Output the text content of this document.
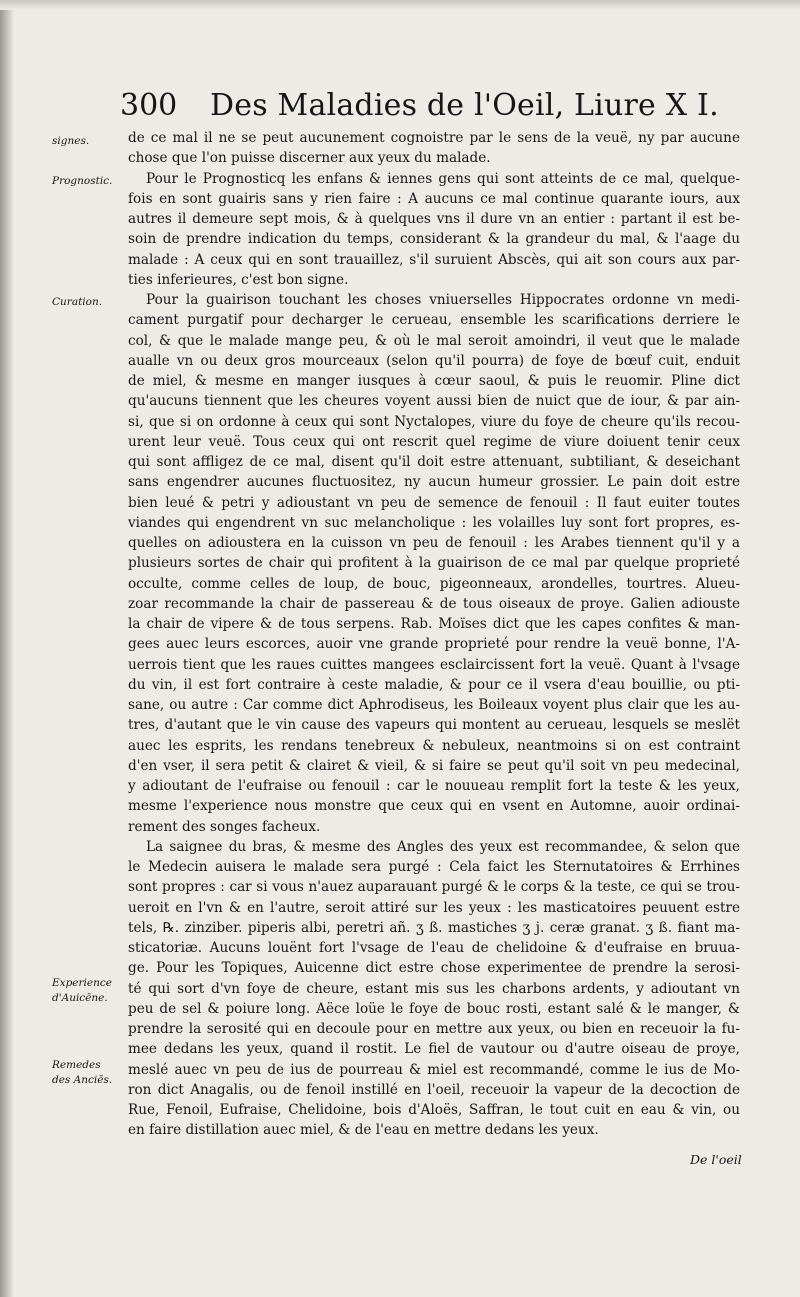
300 Des Maladies de l'Oeil, Liure X I.
signes.
Prognostic.
Curation.
Experience
d'Auicēne.
Remedes
des Anciēs.
de ce mal il ne se peut aucunement cognoistre par le sens de la veuë, ny par aucune
chose que l'on puisse discerner aux yeux du malade.
Pour le Prognosticq les enfans & iennes gens qui sont atteints de ce mal, quelque-
fois en sont guairis sans y rien faire : A aucuns ce mal continue quarante iours, aux
autres il demeure sept mois, & à quelques vns il dure vn an entier : partant il est be-
soin de prendre indication du temps, considerant & la grandeur du mal, & l'aage du
malade : A ceux qui en sont trauaillez, s'il suruient Abscès, qui ait son cours aux par-
ties inferieures, c'est bon signe.
Pour la guairison touchant les choses vniuerselles Hippocrates ordonne vn medi-
cament purgatif pour decharger le cerueau, ensemble les scarifications derriere le
col, & que le malade mange peu, & où le mal seroit amoindri, il veut que le malade
aualle vn ou deux gros mourceaux (selon qu'il pourra) de foye de bœuf cuit, enduit
de miel, & mesme en manger iusques à cœur saoul, & puis le reuomir. Pline dict
qu'aucuns tiennent que les cheures voyent aussi bien de nuict que de iour, & par ain-
si, que si on ordonne à ceux qui sont Nyctalopes, viure du foye de cheure qu'ils recou-
urent leur veuë. Tous ceux qui ont rescrit quel regime de viure doiuent tenir ceux
qui sont affligez de ce mal, disent qu'il doit estre attenuant, subtiliant, & deseichant
sans engendrer aucunes fluctuositez, ny aucun humeur grossier. Le pain doit estre
bien leué & petri y adioustant vn peu de semence de fenouil : Il faut euiter toutes
viandes qui engendrent vn suc melancholique : les volailles luy sont fort propres, es-
quelles on adioustera en la cuisson vn peu de fenouil : les Arabes tiennent qu'il y a
plusieurs sortes de chair qui profitent à la guairison de ce mal par quelque proprieté
occulte, comme celles de loup, de bouc, pigeonneaux, arondelles, tourtres. Alueu-
zoar recommande la chair de passereau & de tous oiseaux de proye. Galien adiouste
la chair de vipere & de tous serpens. Rab. Moïses dict que les capes confites & man-
gees auec leurs escorces, auoir vne grande proprieté pour rendre la veuë bonne, l'A-
uerrois tient que les raues cuittes mangees esclaircissent fort la veuë. Quant à l'vsage
du vin, il est fort contraire à ceste maladie, & pour ce il vsera d'eau bouillie, ou pti-
sane, ou autre : Car comme dict Aphrodiseus, les Boileaux voyent plus clair que les au-
tres, d'autant que le vin cause des vapeurs qui montent au cerueau, lesquels se meslët
auec les esprits, les rendans tenebreux & nebuleux, neantmoins si on est contraint
d'en vser, il sera petit & clairet & vieil, & si faire se peut qu'il soit vn peu medecinal,
y adioutant de l'eufraise ou fenouil : car le nouueau remplit fort la teste & les yeux,
mesme l'experience nous monstre que ceux qui en vsent en Automne, auoir ordinai-
rement des songes facheux.
La saignee du bras, & mesme des Angles des yeux est recommandee, & selon que
le Medecin auisera le malade sera purgé : Cela faict les Sternutatoires & Errhines
sont propres : car si vous n'auez auparauant purgé & le corps & la teste, ce qui se trou-
ueroit en l'vn & en l'autre, seroit attiré sur les yeux : les masticatoires peuuent estre
tels, ℞. zinziber. piperis albi, peretri añ. ʒ ß. mastiches ʒ j. ceræ granat. ʒ ß. fiant ma-
sticatoriæ. Aucuns louënt fort l'vsage de l'eau de chelidoine & d'eufraise en bruua-
ge. Pour les Topiques, Auicenne dict estre chose experimentee de prendre la serosi-
té qui sort d'vn foye de cheure, estant mis sus les charbons ardents, y adioutant vn
peu de sel & poiure long. Aëce loüe le foye de bouc rosti, estant salé & le manger, &
prendre la serosité qui en decoule pour en mettre aux yeux, ou bien en receuoir la fu-
mee dedans les yeux, quand il rostit. Le fiel de vautour ou d'autre oiseau de proye,
meslé auec vn peu de ius de pourreau & miel est recommandé, comme le ius de Mo-
ron dict Anagalis, ou de fenoil instillé en l'oeil, receuoir la vapeur de la decoction de
Rue, Fenoil, Eufraise, Chelidoine, bois d'Aloës, Saffran, le tout cuit en eau & vin, ou
en faire distillation auec miel, & de l'eau en mettre dedans les yeux.
De l'oeil
